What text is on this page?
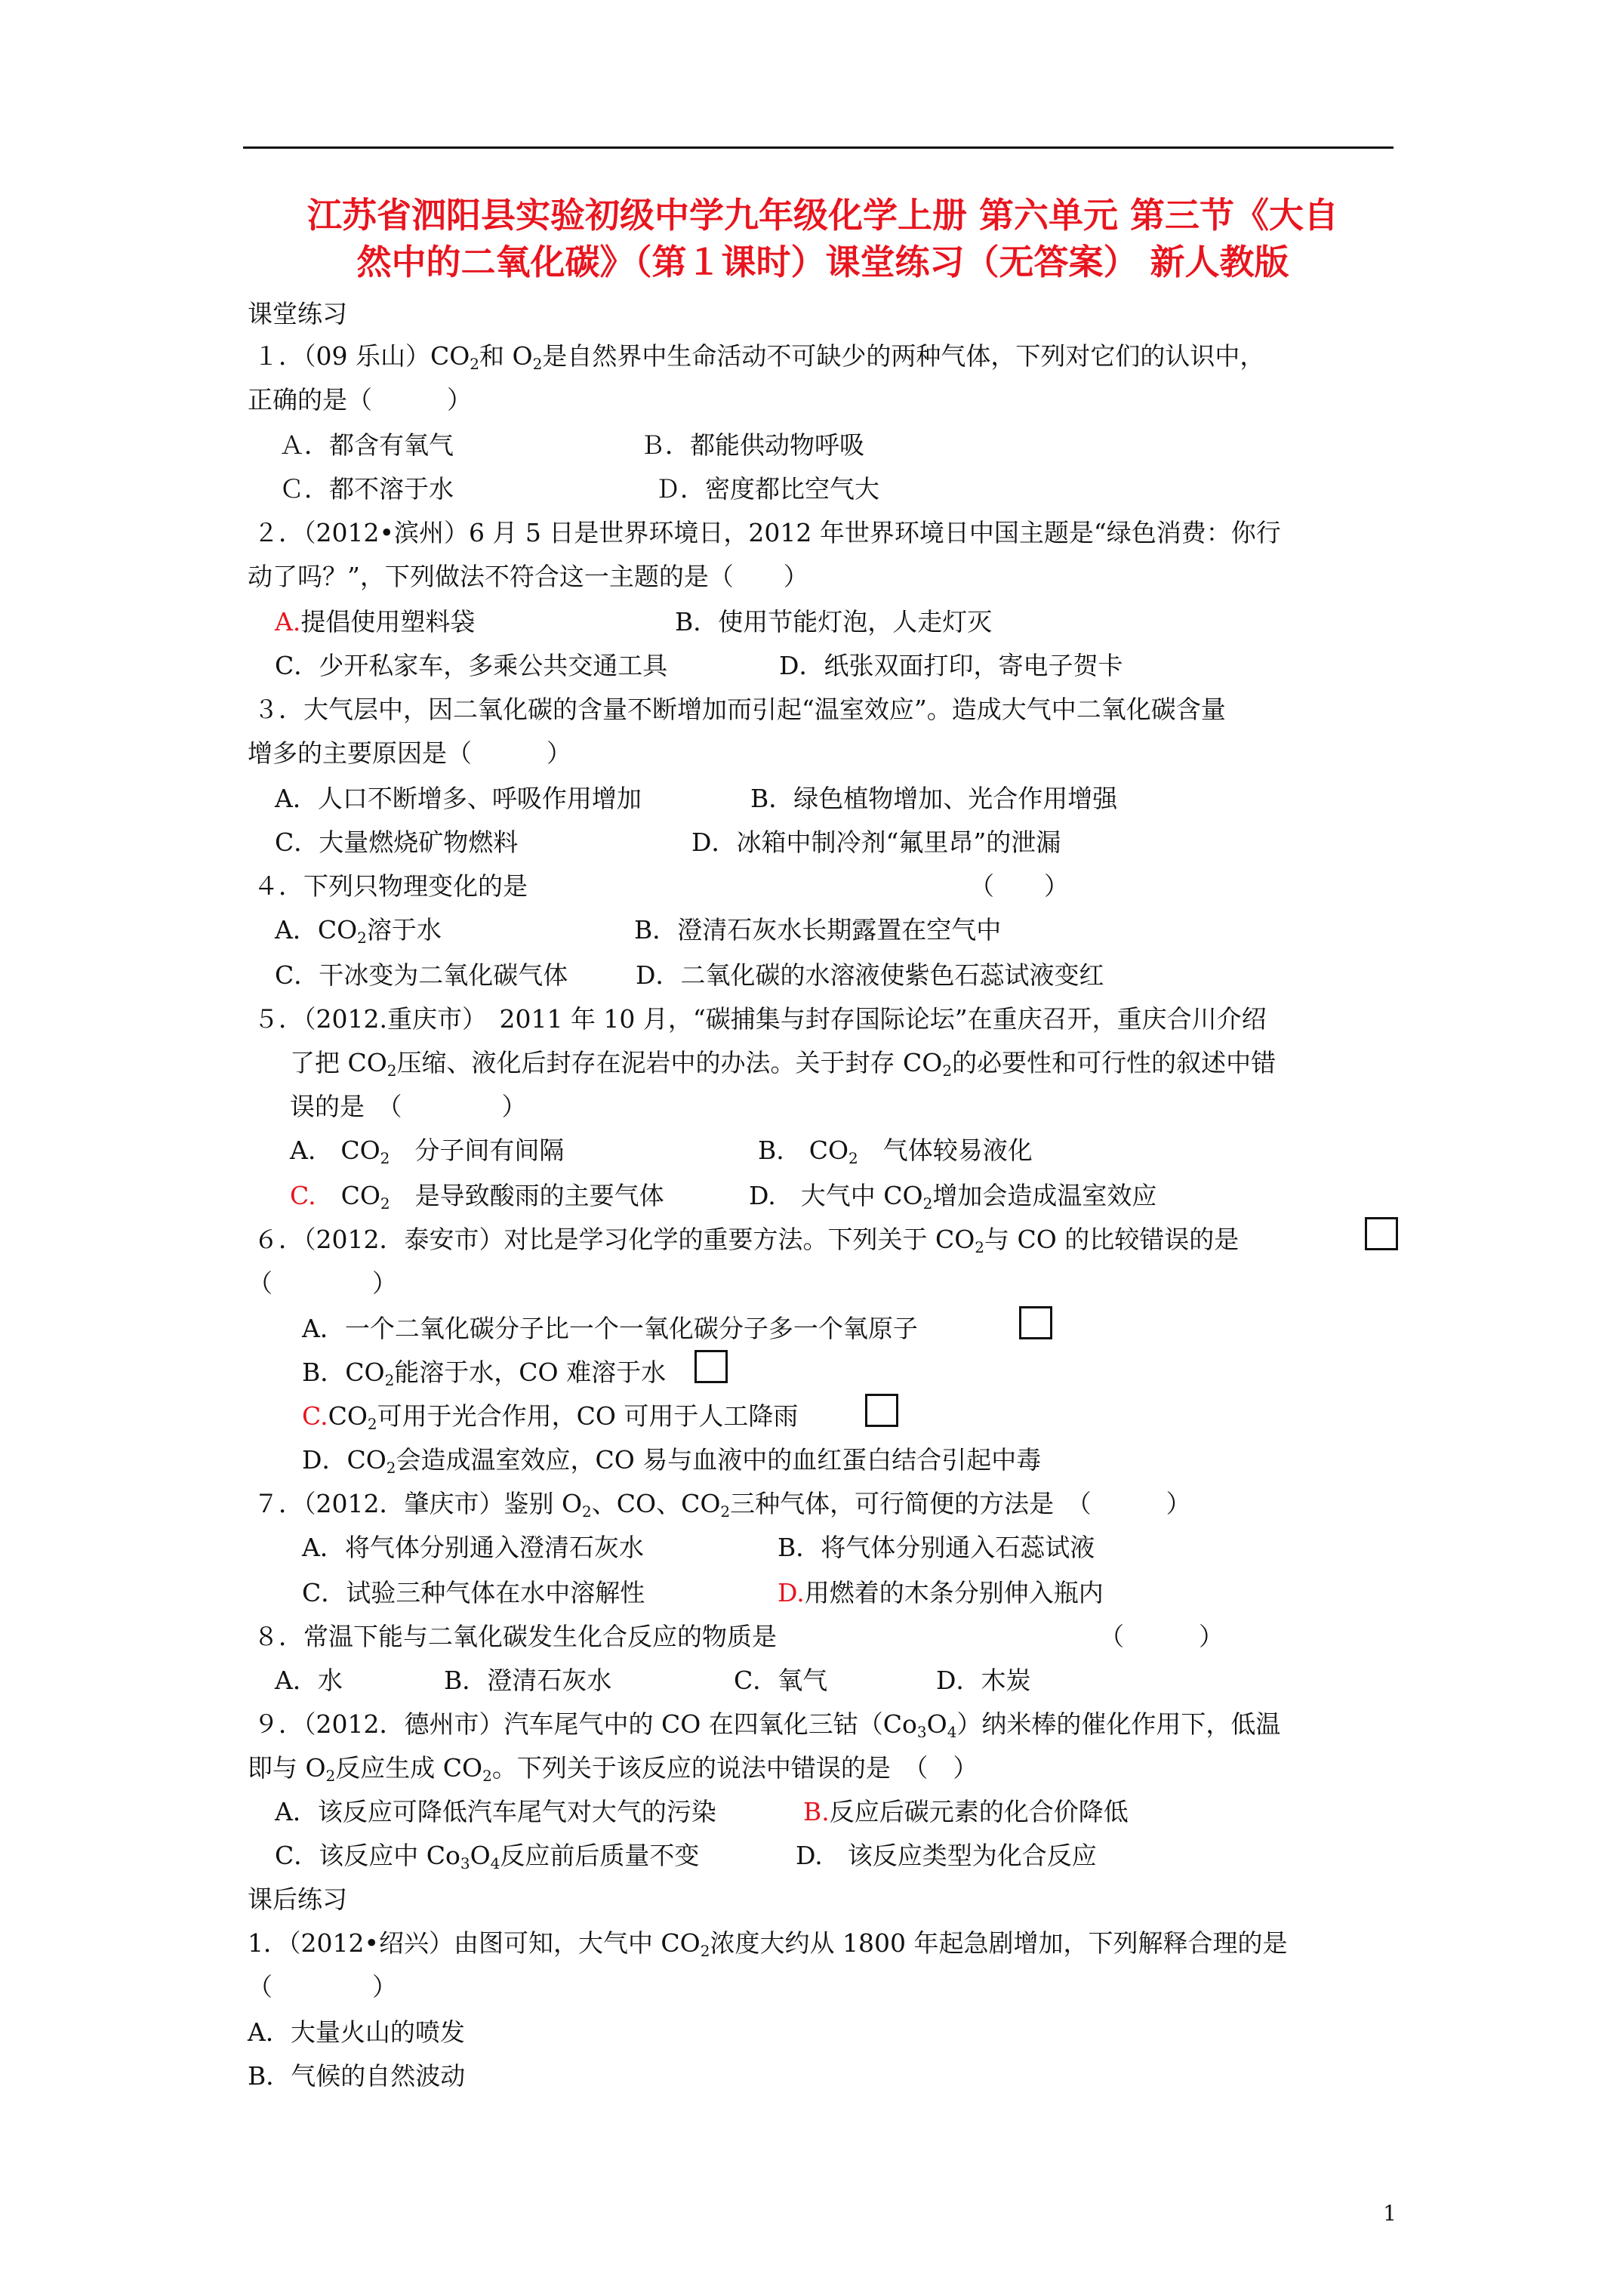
江苏省泗阳县实验初级中学九年级化学上册 第六单元 第三节《大自
然中的二氧化碳》（第１课时）课堂练习（无答案） 新人教版
课堂练习
１．（09 乐山）$CO_2$和 $O_2$是自然界中生命活动不可缺少的两种气体，下列对它们的认识中，
正确的是（　　　）
Ａ．都含有氧气	Ｂ．都能供动物呼吸
Ｃ．都不溶于水	Ｄ．密度都比空气大
２．（2012•滨州）6 月 5 日是世界环境日，2012 年世界环境日中国主题是“绿色消费：你行
动了吗？”，下列做法不符合这一主题的是（　　）
A.提倡使用塑料袋	B．使用节能灯泡，人走灯灭
C．少开私家车，多乘公共交通工具	D．纸张双面打印，寄电子贺卡
３．大气层中，因二氧化碳的含量不断增加而引起“温室效应”。造成大气中二氧化碳含量
增多的主要原因是（　　　）
A．人口不断增多、呼吸作用增加	B．绿色植物增加、光合作用增强
C．大量燃烧矿物燃料	D．冰箱中制冷剂“氟里昂”的泄漏
４．下列只物理变化的是	（　　）
A．$CO_2$溶于水	B．澄清石灰水长期露置在空气中
C．干冰变为二氧化碳气体	D．二氧化碳的水溶液使紫色石蕊试液变红
５．（2012.重庆市）　2011 年 10 月，“碳捕集与封存国际论坛”在重庆召开，重庆合川介绍
了把 $CO_2$压缩、液化后封存在泥岩中的办法。关于封存 $CO_2$的必要性和可行性的叙述中错
误的是　（　　　　）
A.　$CO_2$　分子间有间隔	B.　$CO_2$　气体较易液化
C.　$CO_2$　是导致酸雨的主要气体	D.　大气中 $CO_2$增加会造成温室效应
６．（2012．泰安市）对比是学习化学的重要方法。下列关于 $CO_2$与 CO 的比较错误的是
（　　　　）
A．一个二氧化碳分子比一个一氧化碳分子多一个氧原子
B．$CO_2$能溶于水，CO 难溶于水
$C.CO_2$可用于光合作用，CO 可用于人工降雨
D．$CO_2$会造成温室效应，CO 易与血液中的血红蛋白结合引起中毒
７．（2012．肇庆市）鉴别 $O_2$、CO、$CO_2$三种气体，可行简便的方法是　（　　　）
A．将气体分别通入澄清石灰水	B．将气体分别通入石蕊试液
C．试验三种气体在水中溶解性	D.用燃着的木条分别伸入瓶内
８．常温下能与二氧化碳发生化合反应的物质是	（　　　）
A．水	B．澄清石灰水	C．氧气	D．木炭
９．（2012．德州市）汽车尾气中的 CO 在四氧化三钴$(Co_3O_4)$纳米棒的催化作用下，低温
即与 $O_2$反应生成 $CO_2$。下列关于该反应的说法中错误的是　（　）
A．该反应可降低汽车尾气对大气的污染	B.反应后碳元素的化合价降低
C．该反应中 $Co_3O_4$反应前后质量不变	D.　该反应类型为化合反应
课后练习
1．（2012•绍兴）由图可知，大气中 $CO_2$浓度大约从 1800 年起急剧增加，下列解释合理的是
（　　　　）
A．大量火山的喷发
B．气候的自然波动
1
